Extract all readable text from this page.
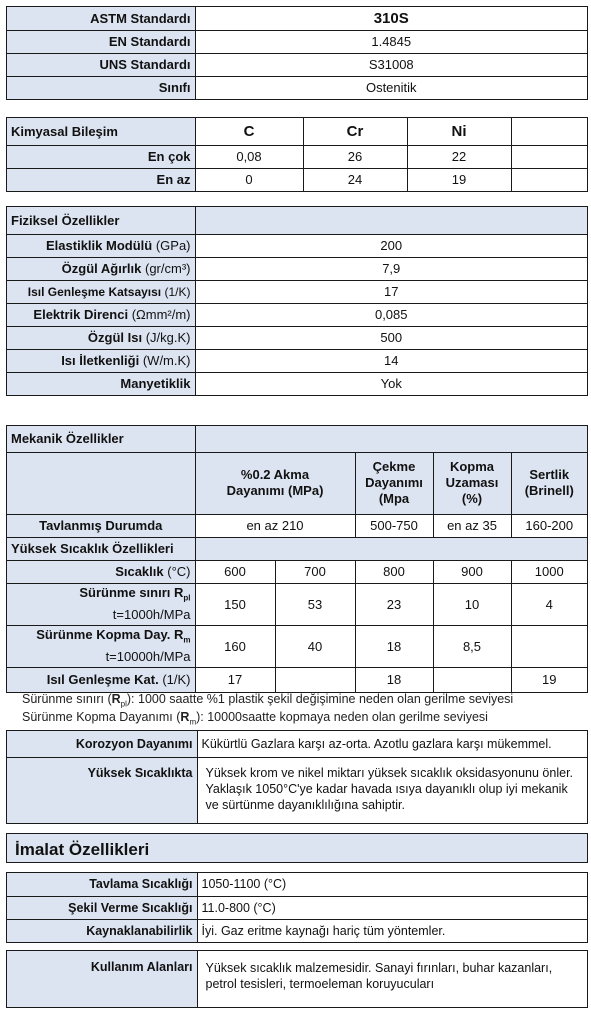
ASTM Standardı	310S
EN Standardı	1.4845
UNS Standardı	S31008
Sınıfı	Ostenitik
Kimyasal Bileşim	C	Cr	Ni	
En çok	0,08	26	22	
En az	0	24	19	
Fiziksel Özellikler	
Elastiklik Modülü (GPa)	200
Özgül Ağırlık (gr/cm³)	7,9
Isıl Genleşme Katsayısı (1/K)	17
Elektrik Direnci (Ωmm²/m)	0,085
Özgül Isı (J/kg.K)	500
Isı İletkenliği (W/m.K)	14
Manyetiklik	Yok
Mekanik Özellikler					
	%0.2 Akma Dayanımı (MPa)		Çekme Dayanımı (Mpa	Kopma Uzaması (%)	Sertlik (Brinell)
Tavlanmış Durumda	en az 210		500-750	en az 35	160-200
Yüksek Sıcaklık Özellikleri					
Sıcaklık (°C)	600	700	800	900	1000

Sürünme sınırı $R_{pl}$
t=1000h/MPa	150	53	23	10	4

Sürünme Kopma Day. $R_m$
t=10000h/MPa	160	40	18	8,5	
Isıl Genleşme Kat. (1/K)	17		18		19
Sürünme sınırı $(R_{pl})$: 1000 saatte %1 plastik şekil değişimine neden olan gerilme seviyesi
Sürünme Kopma Dayanımı $(R_m)$: 10000saatte kopmaya neden olan gerilme seviyesi
Korozyon Dayanımı	Kükürtlü Gazlara karşı az-orta. Azotlu gazlara karşı mükemmel.
Yüksek Sıcaklıkta	Yüksek krom ve nikel miktarı yüksek sıcaklık oksidasyonunu önler. Yaklaşık 1050°C'ye kadar havada ısıya dayanıklı olup iyi mekanik ve sürtünme dayanıklılığına sahiptir.
İmalat Özellikleri
Tavlama Sıcaklığı	1050-1100 (°C)
Şekil Verme Sıcaklığı	11.0-800 (°C)
Kaynaklanabilirlik	İyi. Gaz eritme kaynağı hariç tüm yöntemler.
Kullanım Alanları	Yüksek sıcaklık malzemesidir. Sanayi fırınları, buhar kazanları, petrol tesisleri, termoeleman koruyucuları
